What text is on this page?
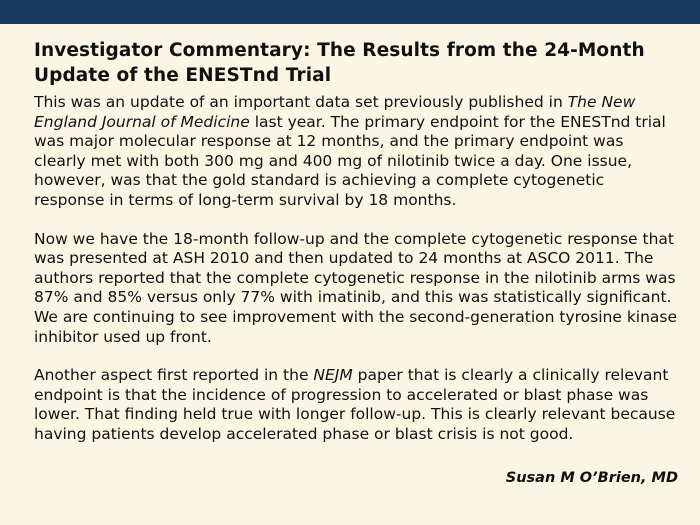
Investigator Commentary: The Results from the 24-Month Update of the ENESTnd Trial

This was an update of an important data set previously published in The New England Journal of Medicine last year. The primary endpoint for the ENESTnd trial was major molecular response at 12 months, and the primary endpoint was clearly met with both 300 mg and 400 mg of nilotinib twice a day. One issue, however, was that the gold standard is achieving a complete cytogenetic response in terms of long-term survival by 18 months.

Now we have the 18-month follow-up and the complete cytogenetic response that was presented at ASH 2010 and then updated to 24 months at ASCO 2011. The authors reported that the complete cytogenetic response in the nilotinib arms was 87% and 85% versus only 77% with imatinib, and this was statistically significant. We are continuing to see improvement with the second-generation tyrosine kinase inhibitor used up front.

Another aspect first reported in the NEJM paper that is clearly a clinically relevant endpoint is that the incidence of progression to accelerated or blast phase was lower. That finding held true with longer follow-up. This is clearly relevant because having patients develop accelerated phase or blast crisis is not good.

Susan M O’Brien, MD
